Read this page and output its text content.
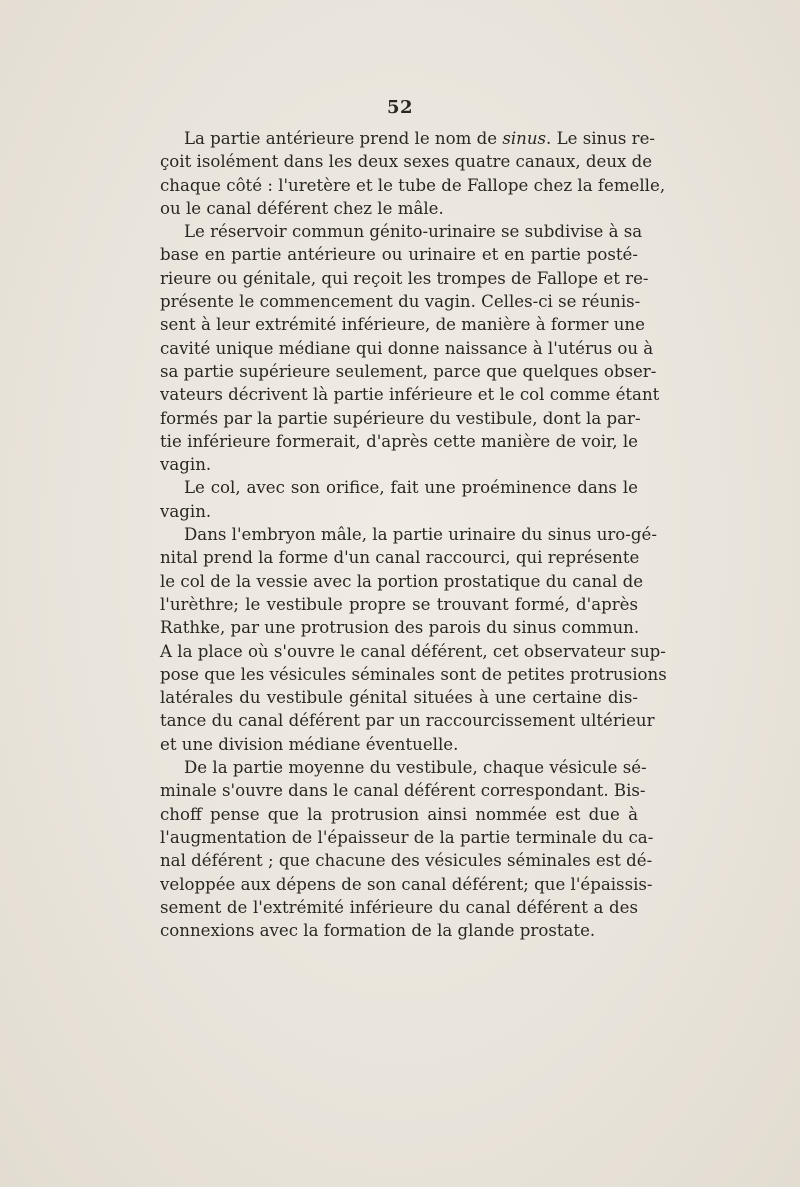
52
La partie antérieure prend le nom de sinus. Le sinus re-
çoit isolément dans les deux sexes quatre canaux, deux de
chaque côté : l'uretère et le tube de Fallope chez la femelle,
ou le canal déférent chez le mâle.
Le réservoir commun génito-urinaire se subdivise à sa
base en partie antérieure ou urinaire et en partie posté-
rieure ou génitale, qui reçoit les trompes de Fallope et re-
présente le commencement du vagin. Celles-ci se réunis-
sent à leur extrémité inférieure, de manière à former une
cavité unique médiane qui donne naissance à l'utérus ou à
sa partie supérieure seulement, parce que quelques obser-
vateurs décrivent là partie inférieure et le col comme étant
formés par la partie supérieure du vestibule, dont la par-
tie inférieure formerait, d'après cette manière de voir, le
vagin.
Le col, avec son orifice, fait une proéminence dans le
vagin.
Dans l'embryon mâle, la partie urinaire du sinus uro-gé-
nital prend la forme d'un canal raccourci, qui représente
le col de la vessie avec la portion prostatique du canal de
l'urèthre; le vestibule propre se trouvant formé, d'après
Rathke, par une protrusion des parois du sinus commun.
A la place où s'ouvre le canal déférent, cet observateur sup-
pose que les vésicules séminales sont de petites protrusions
latérales du vestibule génital situées à une certaine dis-
tance du canal déférent par un raccourcissement ultérieur
et une division médiane éventuelle.
De la partie moyenne du vestibule, chaque vésicule sé-
minale s'ouvre dans le canal déférent correspondant. Bis-
choff pense que la protrusion ainsi nommée est due à
l'augmentation de l'épaisseur de la partie terminale du ca-
nal déférent ; que chacune des vésicules séminales est dé-
veloppée aux dépens de son canal déférent; que l'épaissis-
sement de l'extrémité inférieure du canal déférent a des
connexions avec la formation de la glande prostate.
